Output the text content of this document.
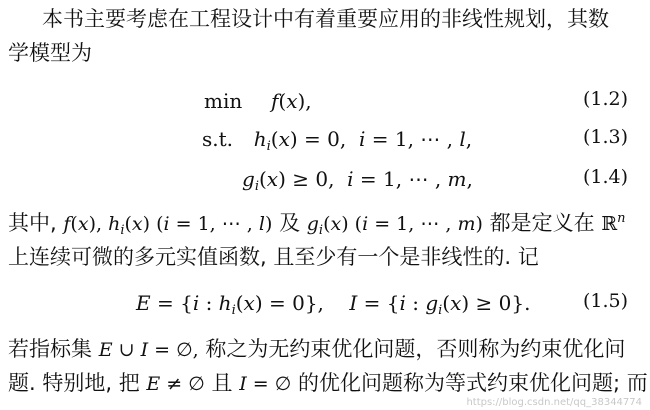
本书主要考虑在工程设计中有着重要应用的非线性规划，其数
学模型为
min f(x),	(1.2)
s.t. $h_i(x) = 0$,  i = 1, ⋯ , l,	(1.3)
$g_i(x) \ge 0$,  i = 1, ⋯ , m,	(1.4)
其中, f(x), $h_i(x) (i = 1$, ⋯ , l) 及 $g_i(x) (i = 1$, ⋯ , m) 都是定义在 ℝ$^n$
上连续可微的多元实值函数, 且至少有一个是非线性的. 记
E = {i : $h_i(x) = 0$},    I = {i : $g_i(x) \ge 0$}.	(1.5)
若指标集 E ∪ I = ∅, 称之为无约束优化问题，否则称为约束优化问
题. 特别地, 把 E ≠ ∅ 且 I = ∅ 的优化问题称为等式约束优化问题; 而
https://blog.csdn.net/qq_38344774
